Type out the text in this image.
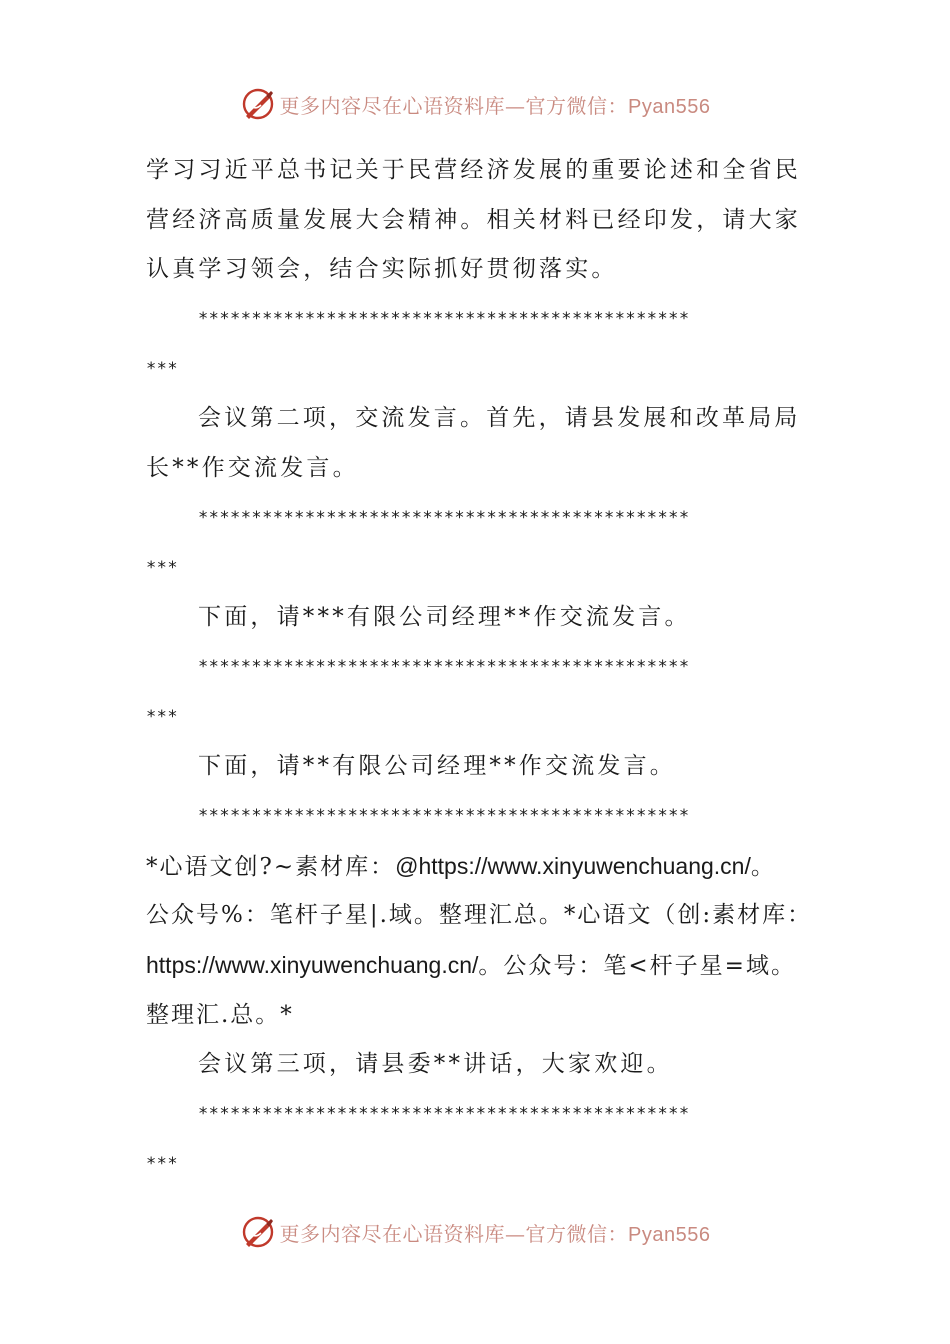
更多内容尽在心语资料库—官方微信：Pyan556
学习习近平总书记关于民营经济发展的重要论述和全省民
营经济高质量发展大会精神。相关材料已经印发，请大家
认真学习领会，结合实际抓好贯彻落实。
**********************************************
***
会议第二项，交流发言。首先，请县发展和改革局局
长**作交流发言。
**********************************************
***
下面，请***有限公司经理**作交流发言。
**********************************************
***
下面，请**有限公司经理**作交流发言。
**********************************************
*心语文创?~素材库：@https://www.xinyuwenchuang.cn/。
公众号%：笔杆子星|.域。整理汇总。*心语文（创:素材库：
https://www.xinyuwenchuang.cn/。公众号：笔<杆子星=域。
整理汇.总。*
会议第三项，请县委**讲话，大家欢迎。
**********************************************
***
更多内容尽在心语资料库—官方微信：Pyan556
